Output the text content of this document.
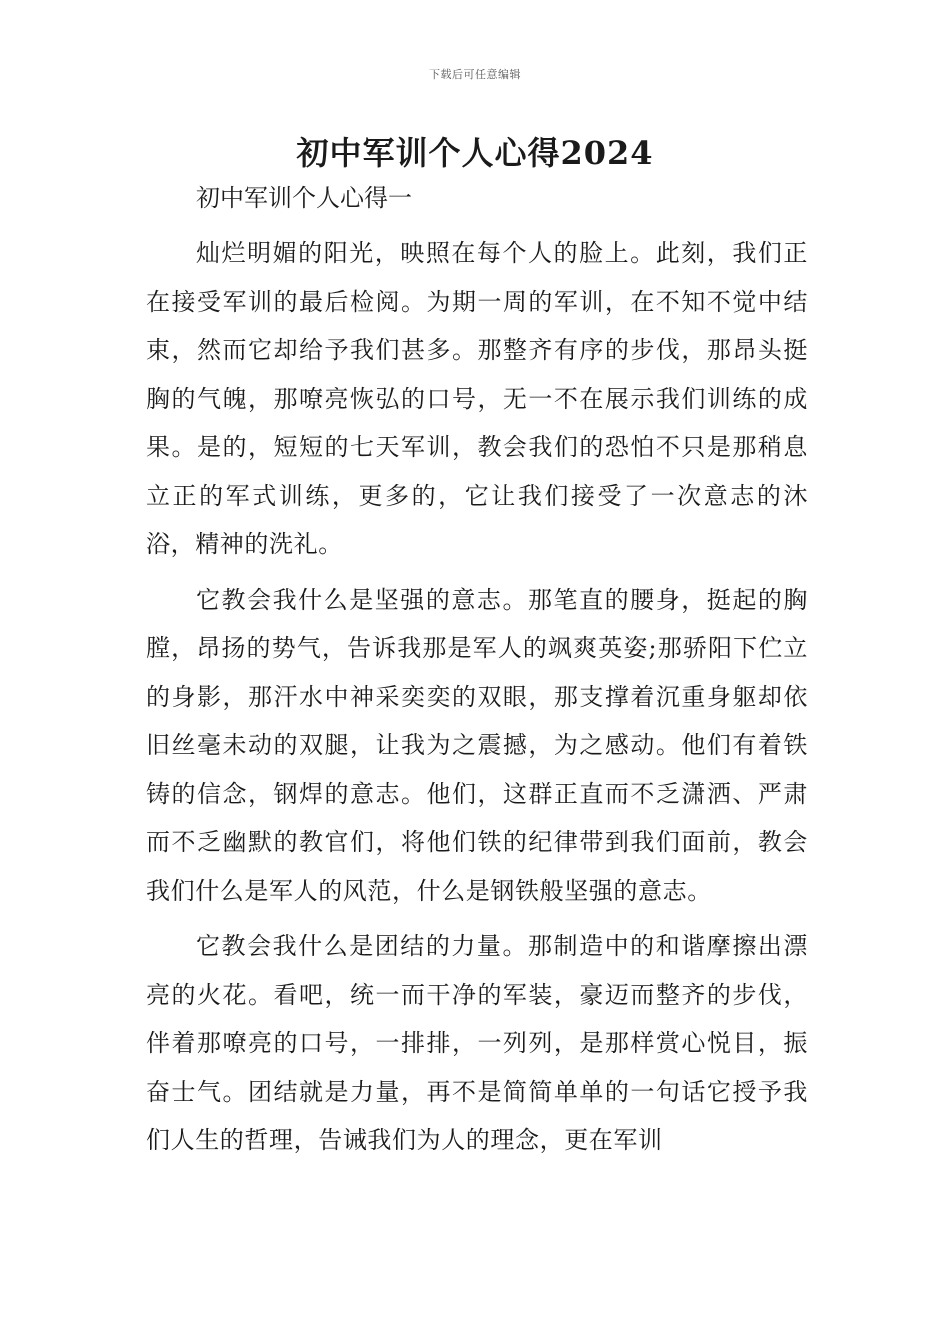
下载后可任意编辑
初中军训个人心得2024

初中军训个人心得一

灿烂明媚的阳光，映照在每个人的脸上。此刻，我们正在接受军训的最后检阅。为期一周的军训，在不知不觉中结束，然而它却给予我们甚多。那整齐有序的步伐，那昂头挺胸的气魄，那嘹亮恢弘的口号，无一不在展示我们训练的成果。是的，短短的七天军训，教会我们的恐怕不只是那稍息立正的军式训练，更多的，它让我们接受了一次意志的沐浴，精神的洗礼。

它教会我什么是坚强的意志。那笔直的腰身，挺起的胸膛，昂扬的势气，告诉我那是军人的飒爽英姿;那骄阳下伫立的身影，那汗水中神采奕奕的双眼，那支撑着沉重身躯却依旧丝毫未动的双腿，让我为之震撼，为之感动。他们有着铁铸的信念，钢焊的意志。他们，这群正直而不乏潇洒、严肃而不乏幽默的教官们，将他们铁的纪律带到我们面前，教会我们什么是军人的风范，什么是钢铁般坚强的意志。

它教会我什么是团结的力量。那制造中的和谐摩擦出漂亮的火花。看吧，统一而干净的军装，豪迈而整齐的步伐，伴着那嘹亮的口号，一排排，一列列，是那样赏心悦目，振奋士气。团结就是力量，再不是简简单单的一句话它授予我们人生的哲理，告诫我们为人的理念，更在军训
